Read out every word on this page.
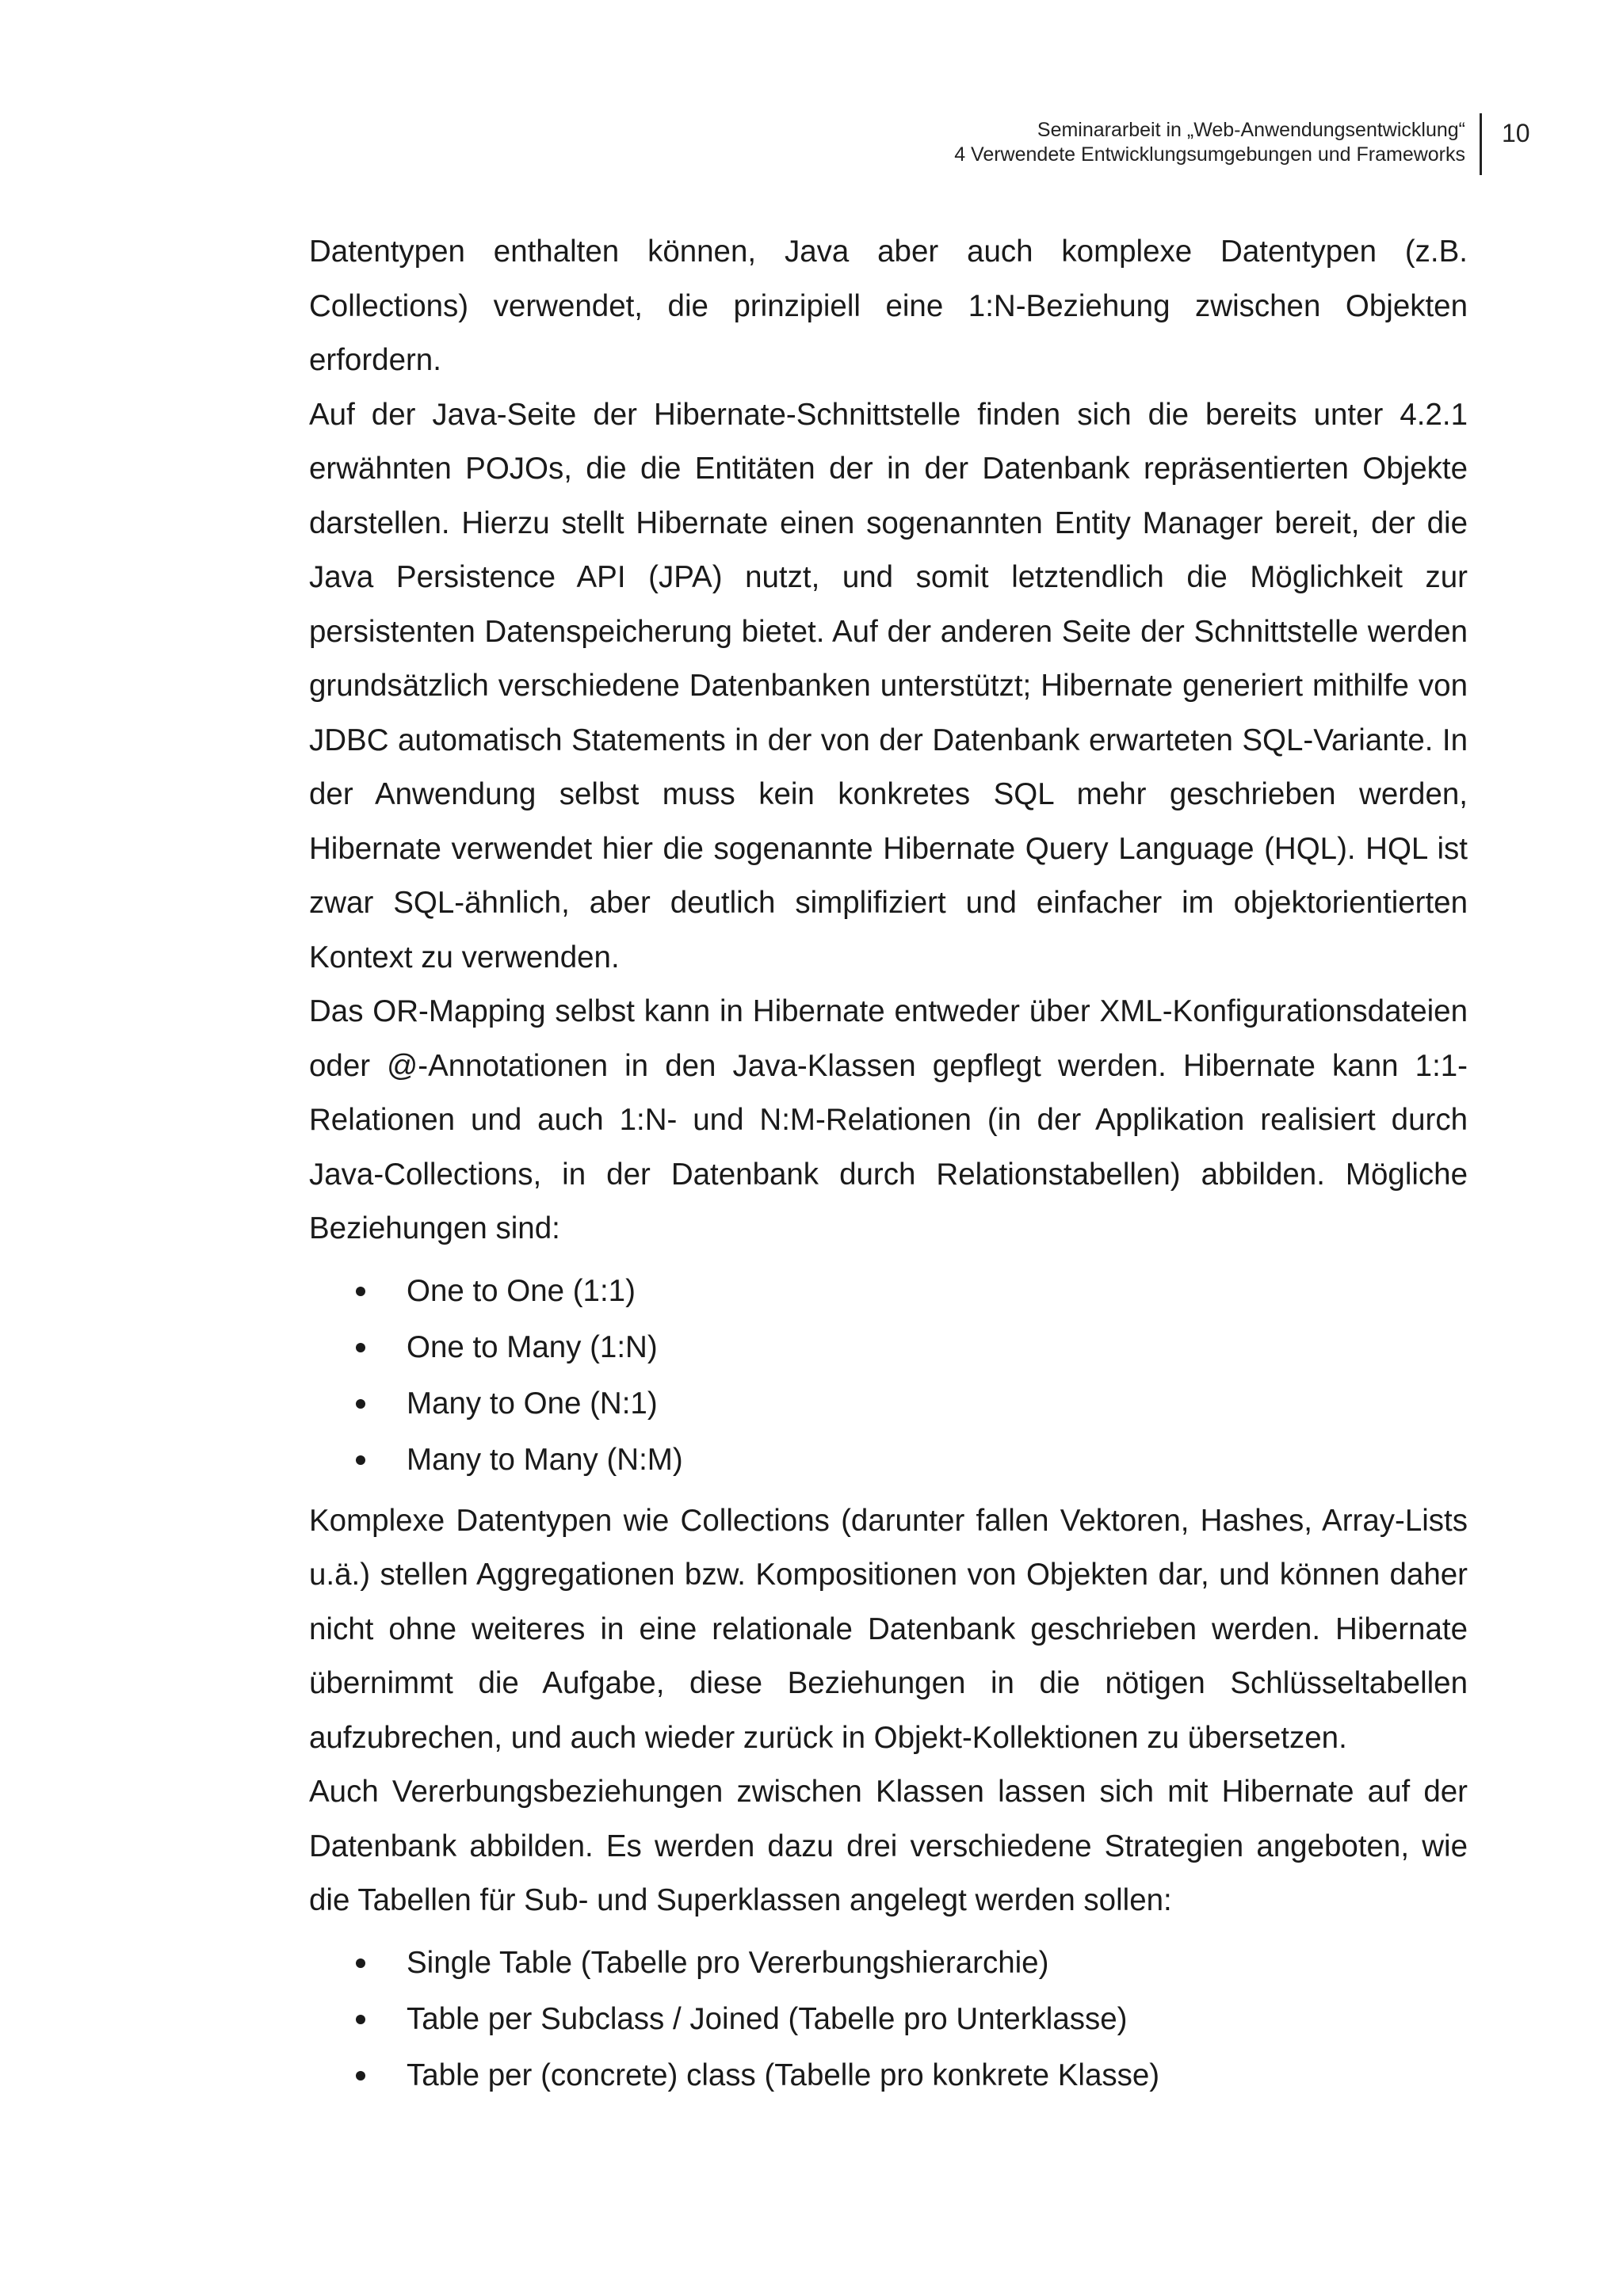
Seminararbeit in „Web-Anwendungsentwicklung“
4 Verwendete Entwicklungsumgebungen und Frameworks
10

Datentypen enthalten können, Java aber auch komplexe Datentypen (z.B. Collections) verwendet, die prinzipiell eine 1:N-Beziehung zwischen Objekten erfordern.

Auf der Java-Seite der Hibernate-Schnittstelle finden sich die bereits unter 4.2.1 erwähnten POJOs, die die Entitäten der in der Datenbank repräsentierten Objekte darstellen. Hierzu stellt Hibernate einen sogenannten Entity Manager bereit, der die Java Persistence API (JPA) nutzt, und somit letztendlich die Möglichkeit zur persistenten Datenspeicherung bietet. Auf der anderen Seite der Schnittstelle werden grundsätzlich verschiedene Datenbanken unterstützt; Hibernate generiert mithilfe von JDBC automatisch Statements in der von der Datenbank erwarteten SQL-Variante. In der Anwendung selbst muss kein konkretes SQL mehr geschrieben werden, Hibernate verwendet hier die sogenannte Hibernate Query Language (HQL). HQL ist zwar SQL-ähnlich, aber deutlich simplifiziert und einfacher im objektorientierten Kontext zu verwenden.

Das OR-Mapping selbst kann in Hibernate entweder über XML-Konfigurationsdateien oder @-Annotationen in den Java-Klassen gepflegt werden. Hibernate kann 1:1-Relationen und auch 1:N- und N:M-Relationen (in der Applikation realisiert durch Java-Collections, in der Datenbank durch Relationstabellen) abbilden. Mögliche Beziehungen sind:

One to One (1:1)
One to Many (1:N)
Many to One (N:1)
Many to Many (N:M)

Komplexe Datentypen wie Collections (darunter fallen Vektoren, Hashes, Array-Lists u.ä.) stellen Aggregationen bzw. Kompositionen von Objekten dar, und können daher nicht ohne weiteres in eine relationale Datenbank geschrieben werden. Hibernate übernimmt die Aufgabe, diese Beziehungen in die nötigen Schlüsseltabellen aufzubrechen, und auch wieder zurück in Objekt-Kollektionen zu übersetzen.

Auch Vererbungsbeziehungen zwischen Klassen lassen sich mit Hibernate auf der Datenbank abbilden. Es werden dazu drei verschiedene Strategien angeboten, wie die Tabellen für Sub- und Superklassen angelegt werden sollen:

Single Table (Tabelle pro Vererbungshierarchie)
Table per Subclass / Joined (Tabelle pro Unterklasse)
Table per (concrete) class (Tabelle pro konkrete Klasse)
